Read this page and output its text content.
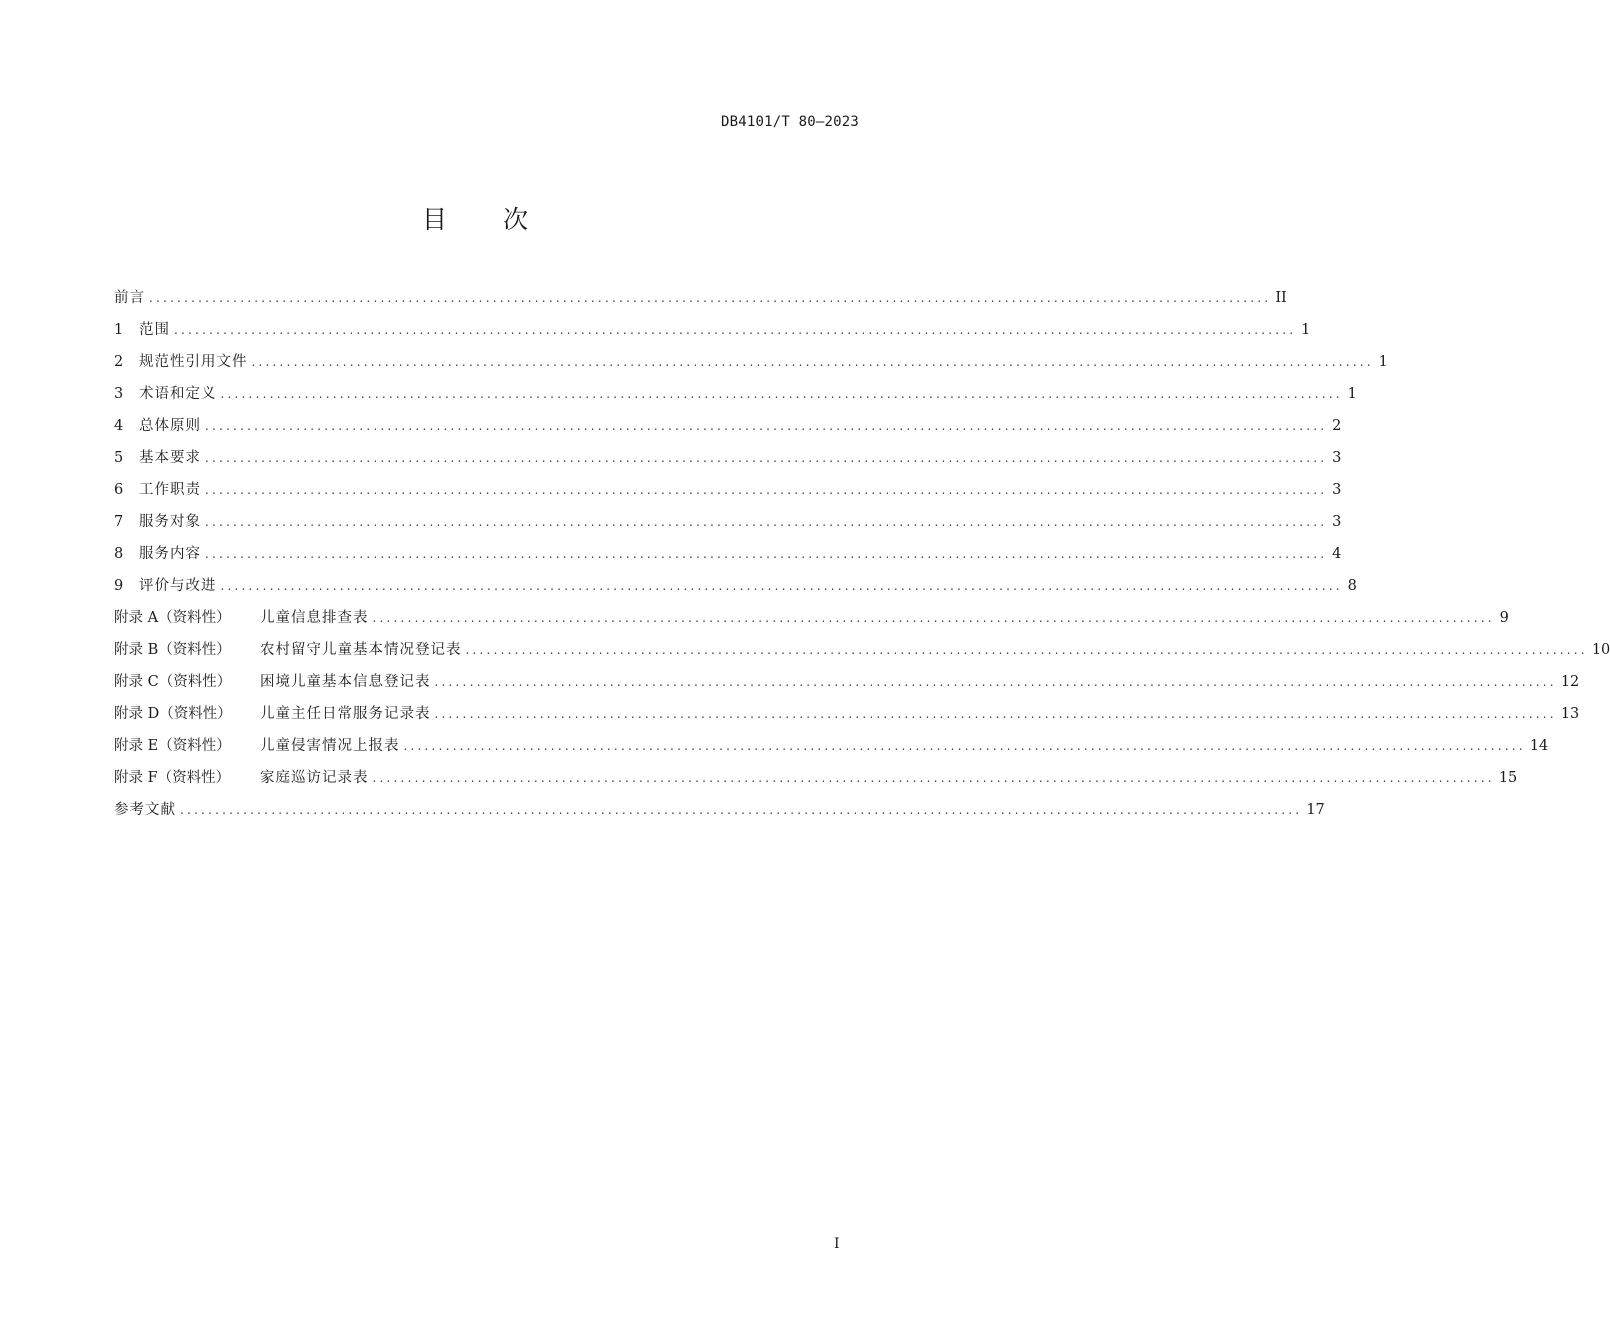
DB4101/T 80—2023
目 次
前言 ................................................................................................................................................................ II
1	范围 ................................................................................................................................................................ 1
2	规范性引用文件 ................................................................................................................................................................ 1
3	术语和定义 ................................................................................................................................................................ 1
4	总体原则 ................................................................................................................................................................ 2
5	基本要求 ................................................................................................................................................................ 3
6	工作职责 ................................................................................................................................................................ 3
7	服务对象 ................................................................................................................................................................ 3
8	服务内容 ................................................................................................................................................................ 4
9	评价与改进 ................................................................................................................................................................ 8
附录 A（资料性）	儿童信息排查表 ................................................................................................................................................................ 9
附录 B（资料性）	农村留守儿童基本情况登记表 ................................................................................................................................................................ 10
附录 C（资料性）	困境儿童基本信息登记表 ................................................................................................................................................................ 12
附录 D（资料性）	儿童主任日常服务记录表 ................................................................................................................................................................ 13
附录 E（资料性）	儿童侵害情况上报表 ................................................................................................................................................................ 14
附录 F（资料性）	家庭巡访记录表 ................................................................................................................................................................ 15
参考文献 ................................................................................................................................................................ 17
I
